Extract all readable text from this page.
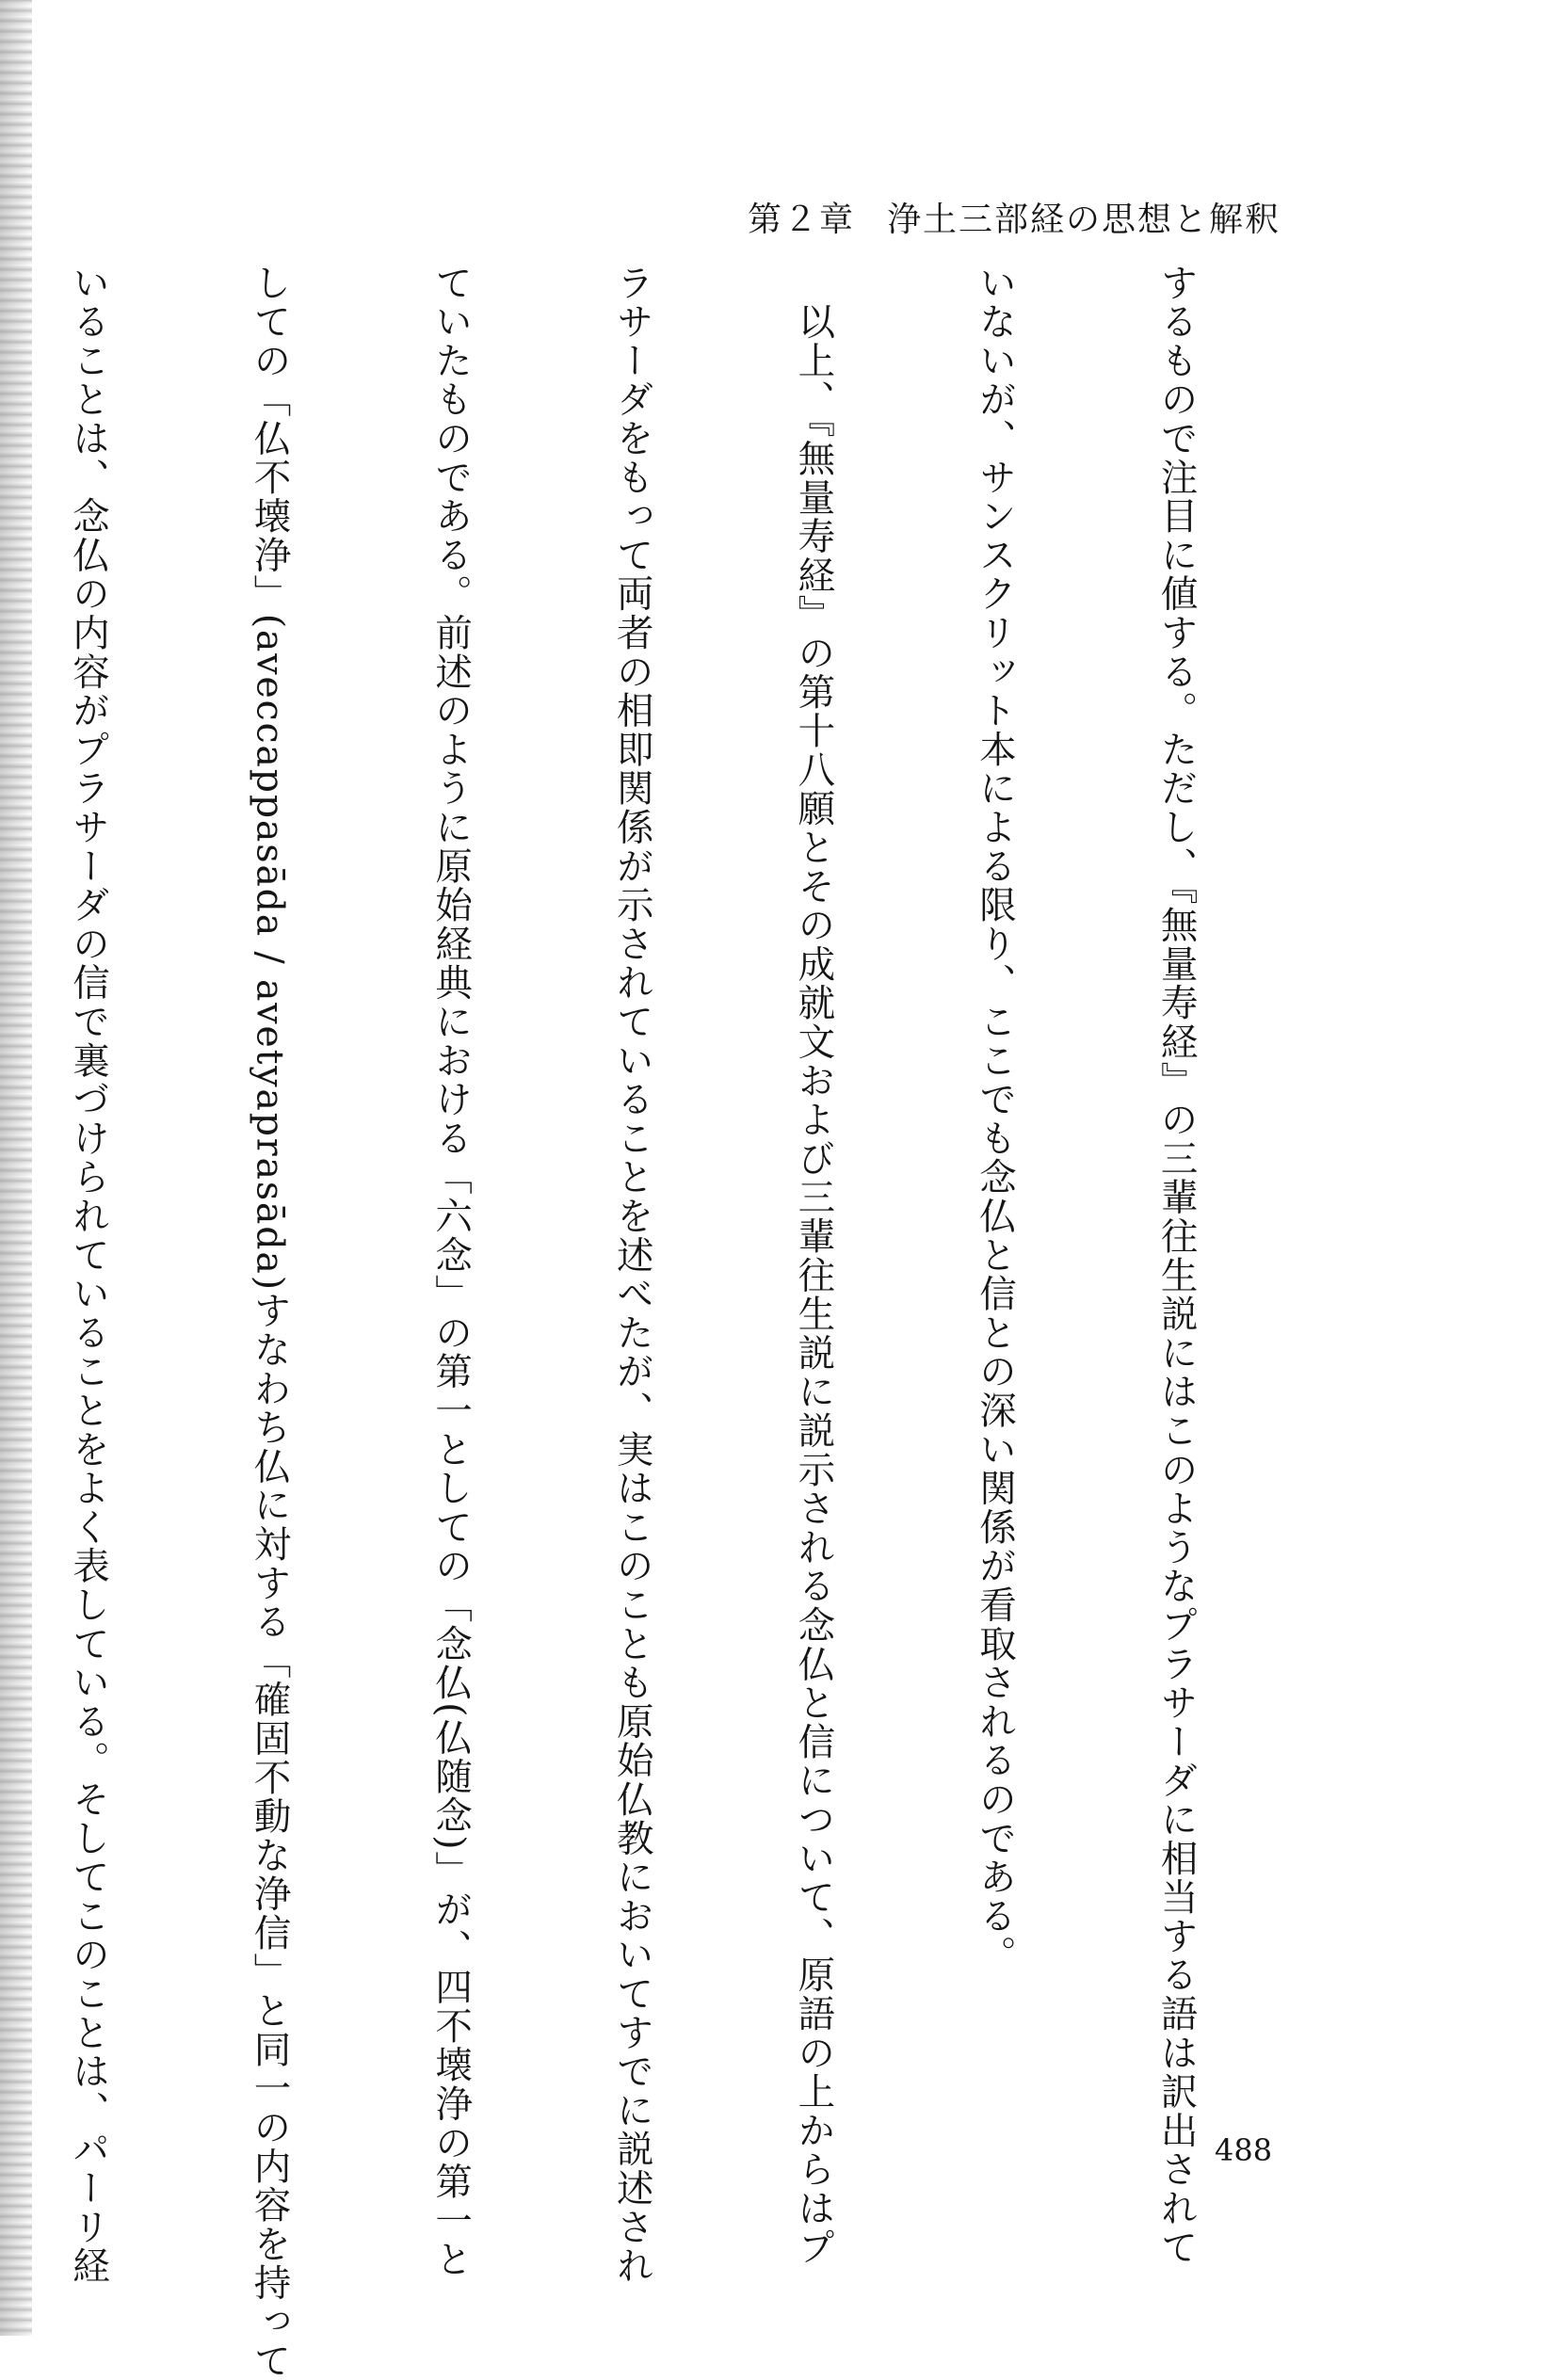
第２章 浄土三部経の思想と解釈

するもので注目に値する。ただし、『無量寿経』の三輩往生説にはこのようなプラサーダに相当する語は訳出されて

いないが、サンスクリット本による限り、ここでも念仏と信との深い関係が看取されるのである。

　以上、『無量寿経』の第十八願とその成就文および三輩往生説に説示される念仏と信について、原語の上からはプ

ラサーダをもって両者の相即関係が示されていることを述べたが、実はこのことも原始仏教においてすでに説述され

ていたものである。前述のように原始経典における「六念」の第一としての「念仏(仏随念)」が、四不壊浄の第一と

しての「仏不壊浄」(aveccappasāda / avetyaprasāda)すなわち仏に対する「確固不動な浄信」と同一の内容を持って

いることは、念仏の内容がプラサーダの信で裏づけられていることをよく表している。そしてこのことは、パーリ経

	488
